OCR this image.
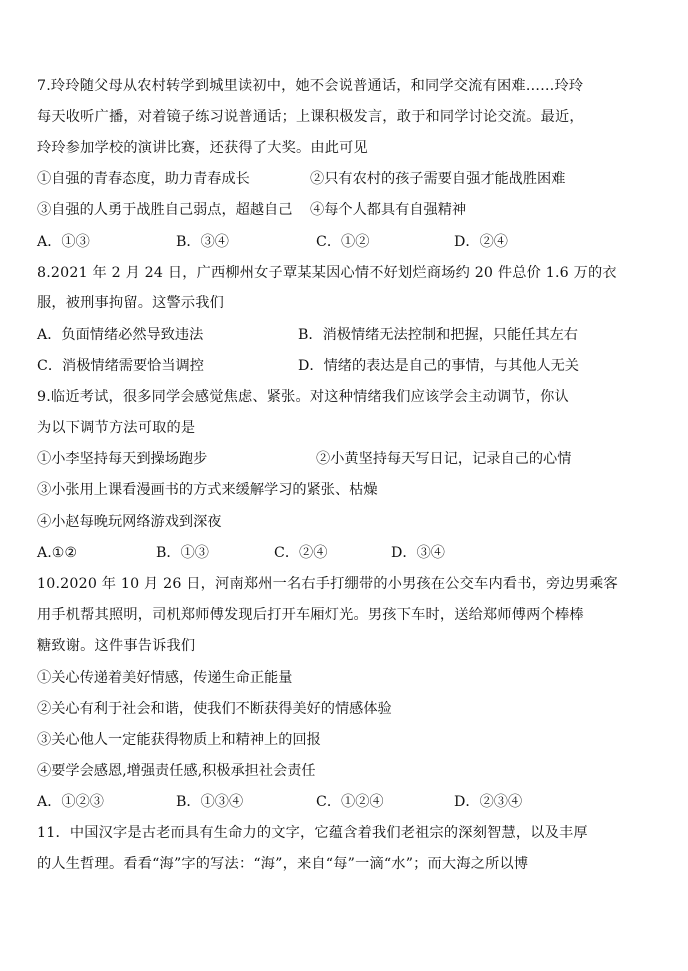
7.玲玲随父母从农村转学到城里读初中，她不会说普通话，和同学交流有困难……玲玲
每天收听广播，对着镜子练习说普通话；上课积极发言，敢于和同学讨论交流。最近，
玲玲参加学校的演讲比赛，还获得了大奖。由此可见
①自强的青春态度，助力青春成长	②只有农村的孩子需要自强才能战胜困难
③自强的人勇于战胜自己弱点，超越自己 ④每个人都具有自强精神
A．①③	B．③④	C．①②	D．②④
8.2021 年 2 月 24 日，广西柳州女子覃某某因心情不好划烂商场约 20 件总价 1.6 万的衣
服，被刑事拘留。这警示我们
A．负面情绪必然导致违法	B．消极情绪无法控制和把握，只能任其左右
C．消极情绪需要恰当调控	D．情绪的表达是自己的事情，与其他人无关
9.临近考试，很多同学会感觉焦虑、紧张。对这种情绪我们应该学会主动调节，你认
为以下调节方法可取的是
①小李坚持每天到操场跑步	②小黄坚持每天写日记，记录自己的心情
③小张用上课看漫画书的方式来缓解学习的紧张、枯燥
④小赵每晚玩网络游戏到深夜
A.①②	B．①③	C．②④	D．③④
10.2020 年 10 月 26 日，河南郑州一名右手打绷带的小男孩在公交车内看书，旁边男乘客
用手机帮其照明，司机郑师傅发现后打开车厢灯光。男孩下车时，送给郑师傅两个棒棒
糖致谢。这件事告诉我们
①关心传递着美好情感，传递生命正能量
②关心有利于社会和谐，使我们不断获得美好的情感体验
③关心他人一定能获得物质上和精神上的回报
④要学会感恩,增强责任感,积极承担社会责任
A．①②③	B．①③④	C．①②④	D．②③④
11．中国汉字是古老而具有生命力的文字，它蕴含着我们老祖宗的深刻智慧，以及丰厚
的人生哲理。看看“海”字的写法：“海”，来自“每”一滴“水”；而大海之所以博
